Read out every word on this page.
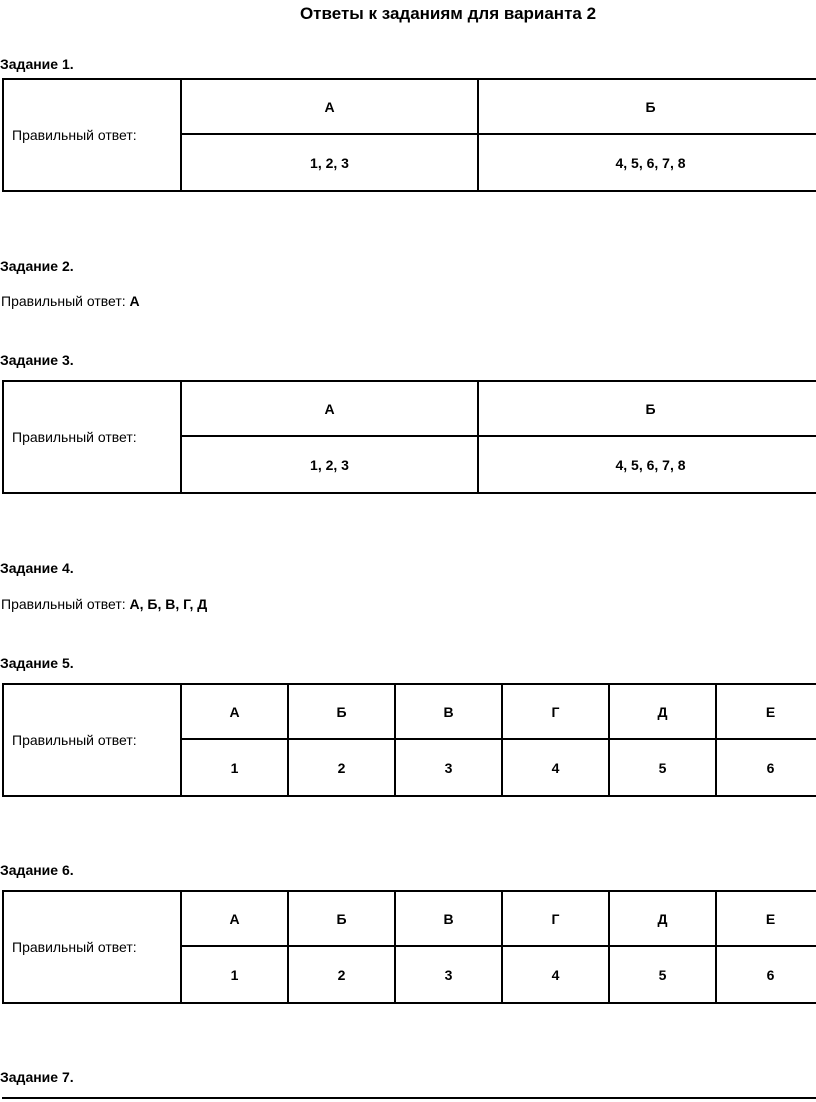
Ответы к заданиям для варианта 2
Задание 1.
Правильный ответ:
А	Б
1, 2, 3	4, 5, 6, 7, 8
Задание 2.
Правильный ответ: А
Задание 3.
Правильный ответ:
А	Б
1, 2, 3	4, 5, 6, 7, 8
Задание 4.
Правильный ответ: А, Б, В, Г, Д
Задание 5.
Правильный ответ:
А	Б	В	Г	Д	Е
1	2	3	4	5	6
Задание 6.
Правильный ответ:
А	Б	В	Г	Д	Е
1	2	3	4	5	6
Задание 7.
